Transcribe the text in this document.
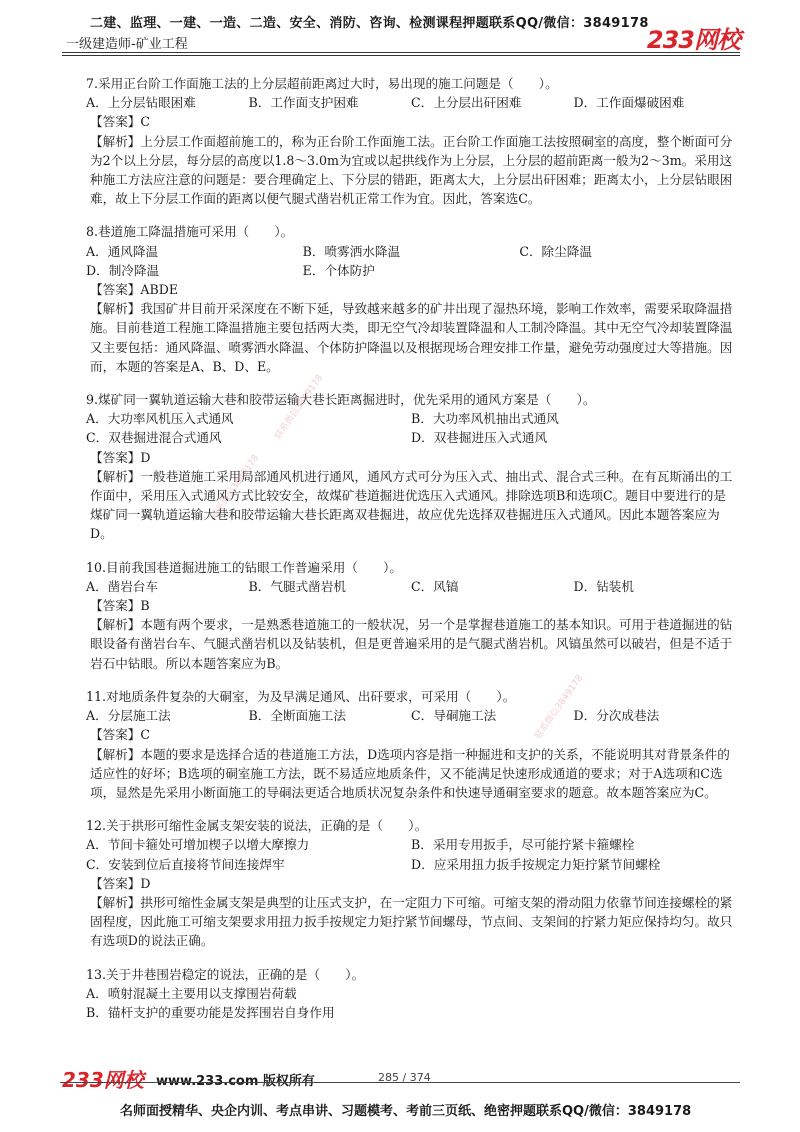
二建、监理、一建、一造、二造、安全、消防、咨询、检测课程押题联系QQ/微信：3849178
一级建造师-矿业工程	233网校

7.采用正台阶工作面施工法的上分层超前距离过大时，易出现的施工问题是（　　）。

A．上分层钻眼困难	B．工作面支护困难	C．上分层出矸困难	D．工作面爆破困难

【答案】C

【解析】上分层工作面超前施工的，称为正台阶工作面施工法。正台阶工作面施工法按照硐室的高度，整个断面可分为2个以上分层，每分层的高度以1.8～3.0m为宜或以起拱线作为上分层，上分层的超前距离一般为2～3m。采用这种施工方法应注意的问题是：要合理确定上、下分层的错距，距离太大，上分层出矸困难；距离太小，上分层钻眼困难，故上下分层工作面的距离以便气腿式凿岩机正常工作为宜。因此，答案选C。

8.巷道施工降温措施可采用（　　）。

A．通风降温	B．喷雾洒水降温	C．除尘降温
D．制冷降温	E．个体防护

【答案】ABDE

【解析】我国矿井目前开采深度在不断下延，导致越来越多的矿井出现了湿热环境，影响工作效率，需要采取降温措施。目前巷道工程施工降温措施主要包括两大类，即无空气冷却装置降温和人工制冷降温。其中无空气冷却装置降温又主要包括：通风降温、喷雾洒水降温、个体防护降温以及根据现场合理安排工作量，避免劳动强度过大等措施。因而，本题的答案是A、B、D、E。

9.煤矿同一翼轨道运输大巷和胶带运输大巷长距离掘进时，优先采用的通风方案是（　　）。

A．大功率风机压入式通风	B．大功率风机抽出式通风
C．双巷掘进混合式通风	D．双巷掘进压入式通风

【答案】D

【解析】一般巷道施工采用局部通风机进行通风，通风方式可分为压入式、抽出式、混合式三种。在有瓦斯涌出的工作面中，采用压入式通风方式比较安全，故煤矿巷道掘进优选压入式通风。排除选项B和选项C。题目中要进行的是煤矿同一翼轨道运输大巷和胶带运输大巷长距离双巷掘进，故应优先选择双巷掘进压入式通风。因此本题答案应为D。

10.目前我国巷道掘进施工的钻眼工作普遍采用（　　）。

A．凿岩台车	B．气腿式凿岩机	C．风镐	D．钻装机

【答案】B

【解析】本题有两个要求，一是熟悉巷道施工的一般状况，另一个是掌握巷道施工的基本知识。可用于巷道掘进的钻眼设备有凿岩台车、气腿式凿岩机以及钻装机，但是更普遍采用的是气腿式凿岩机。风镐虽然可以破岩，但是不适于岩石中钻眼。所以本题答案应为B。

11.对地质条件复杂的大硐室，为及早满足通风、出矸要求，可采用（　　）。

A．分层施工法	B．全断面施工法	C．导硐施工法	D．分次成巷法

【答案】C

【解析】本题的要求是选择合适的巷道施工方法，D选项内容是指一种掘进和支护的关系，不能说明其对背景条件的适应性的好坏；B选项的硐室施工方法，既不易适应地质条件，又不能满足快速形成通道的要求；对于A选项和C选项，显然是先采用小断面施工的导硐法更适合地质状况复杂条件和快速导通硐室要求的题意。故本题答案应为C。

12.关于拱形可缩性金属支架安装的说法，正确的是（　　）。

A．节间卡箍处可增加楔子以增大摩擦力	B．采用专用扳手，尽可能拧紧卡箍螺栓
C．安装到位后直接将节间连接焊牢	D．应采用扭力扳手按规定力矩拧紧节间螺栓

【答案】D

【解析】拱形可缩性金属支架是典型的让压式支护，在一定阻力下可缩。可缩支架的滑动阻力依靠节间连接螺栓的紧固程度，因此施工可缩支架要求用扭力扳手按规定力矩拧紧节间螺母，节点间、支架间的拧紧力矩应保持均匀。故只有选项D的说法正确。

13.关于井巷围岩稳定的说法，正确的是（　　）。

A．喷射混凝土主要用以支撑围岩荷载
B．锚杆支护的重要功能是发挥围岩自身作用
联系微信3849178
联系微信3849178
联系微信3849178
233网校 www.233.com 版权所有	285 / 374
名师面授精华、央企内训、考点串讲、习题模考、考前三页纸、绝密押题联系QQ/微信：3849178
